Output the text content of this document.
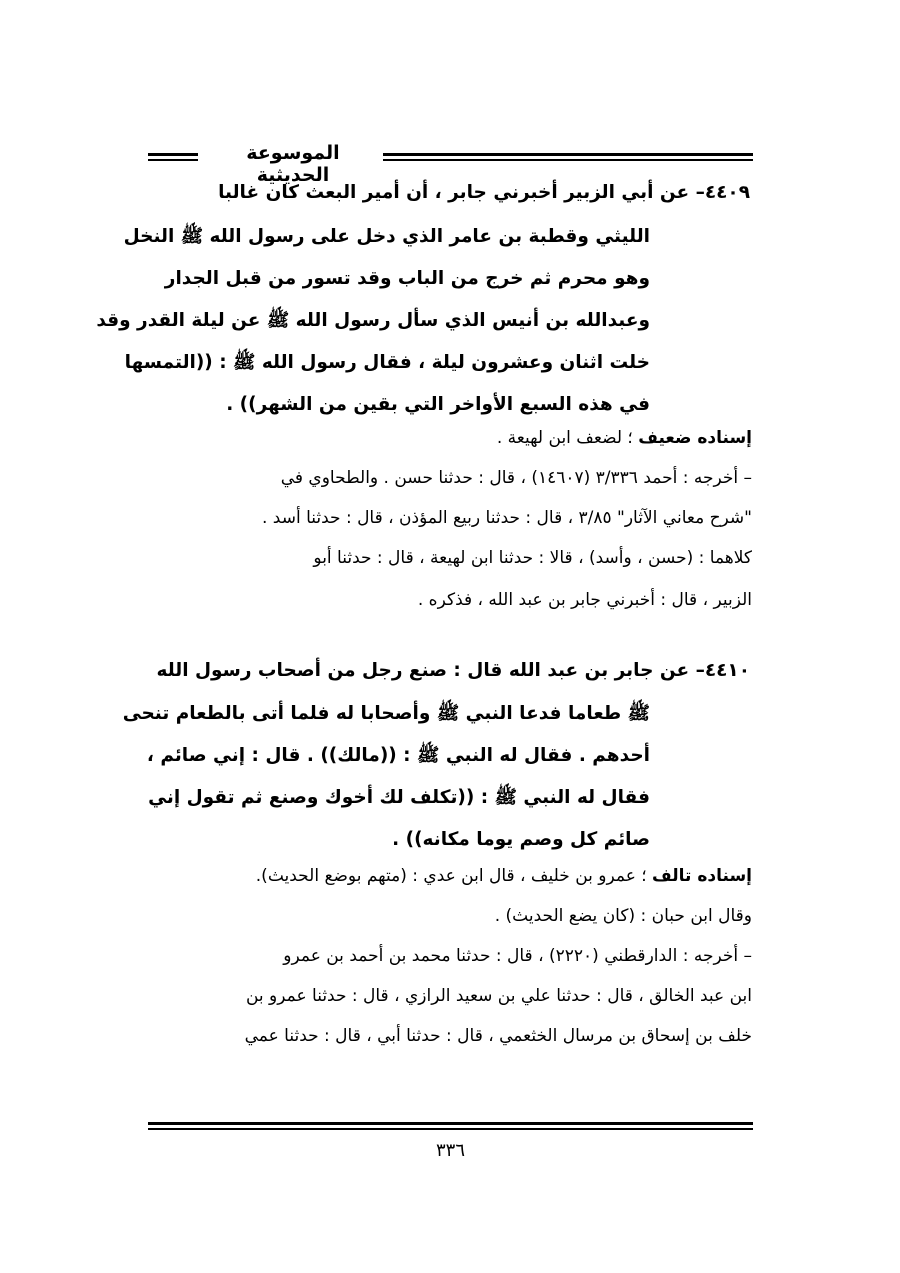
الموسوعة الحديثية
٤٤٠٩– عن أبي الزبير أخبرني جابر ، أن أمير البعث كان غالبا
الليثي وقطبة بن عامر الذي دخل على رسول الله ﷺ النخل
وهو محرم ثم خرج من الباب وقد تسور من قبل الجدار
وعبدالله بن أنيس الذي سأل رسول الله ﷺ عن ليلة القدر وقد
خلت اثنان وعشرون ليلة ، فقال رسول الله ﷺ : ((التمسها
في هذه السبع الأواخر التي بقين من الشهر)) .
إسناده ضعيف ؛ لضعف ابن لهيعة .
– أخرجه : أحمد ٣/٣٣٦ (١٤٦٠٧) ، قال : حدثنا حسن . والطحاوي في
"شرح معاني الآثار" ٣/٨٥ ، قال : حدثنا ربيع المؤذن ، قال : حدثنا أسد .
كلاهما : (حسن ، وأسد) ، قالا : حدثنا ابن لهيعة ، قال : حدثنا أبو
الزبير ، قال : أخبرني جابر بن عبد الله ، فذكره .
٤٤١٠– عن جابر بن عبد الله قال : صنع رجل من أصحاب رسول الله
ﷺ طعاما فدعا النبي ﷺ وأصحابا له فلما أتى بالطعام تنحى
أحدهم . فقال له النبي ﷺ : ((مالك)) . قال : إني صائم ،
فقال له النبي ﷺ : ((تكلف لك أخوك وصنع ثم تقول إني
صائم كل وصم يوما مكانه)) .
إسناده تالف ؛ عمرو بن خليف ، قال ابن عدي : (متهم بوضع الحديث).
وقال ابن حبان : (كان يضع الحديث) .
– أخرجه : الدارقطني (٢٢٢٠) ، قال : حدثنا محمد بن أحمد بن عمرو
ابن عبد الخالق ، قال : حدثنا علي بن سعيد الرازي ، قال : حدثنا عمرو بن
خلف بن إسحاق بن مرسال الخثعمي ، قال : حدثنا أبي ، قال : حدثنا عمي
٣٣٦
